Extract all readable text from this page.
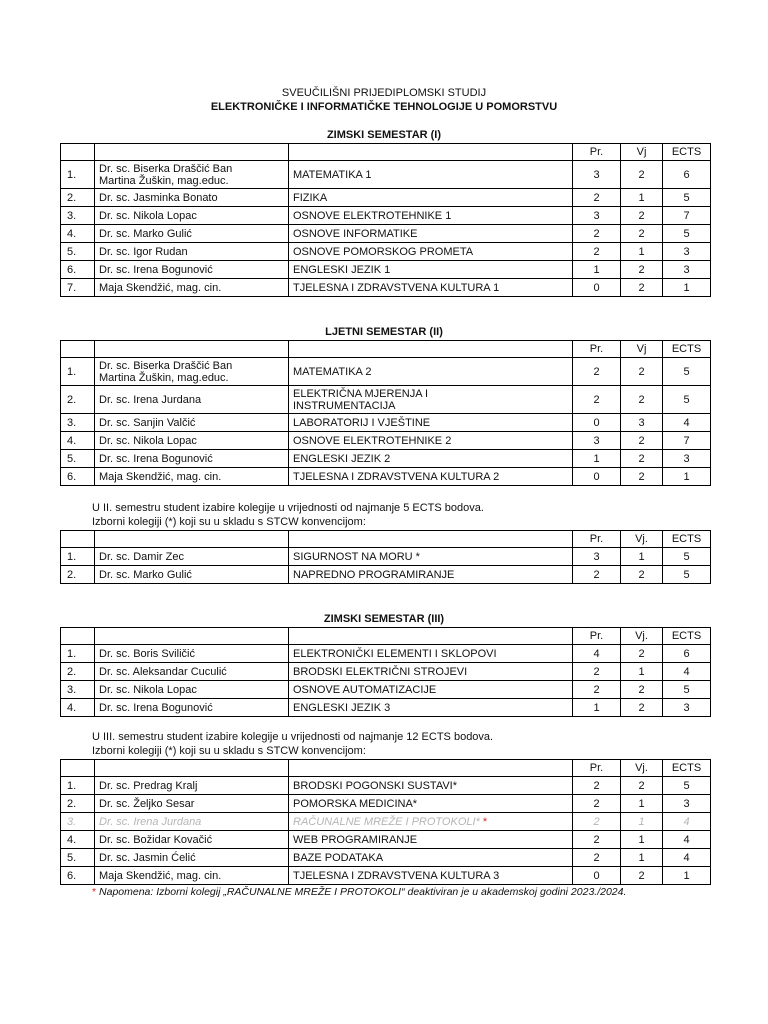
SVEUČILIŠNI PRIJEDIPLOMSKI STUDIJ
ELEKTRONIČKE I INFORMATIČKE TEHNOLOGIJE U POMORSTVU
ZIMSKI SEMESTAR (I)
			Pr.	Vj	ECTS
1.	Dr. sc. Biserka Draščić Ban
Martina Žuškin, mag.educ.	MATEMATIKA 1	3	2	6
2.	Dr. sc. Jasminka Bonato	FIZIKA	2	1	5
3.	Dr. sc. Nikola Lopac	OSNOVE ELEKTROTEHNIKE 1	3	2	7
4.	Dr. sc. Marko Gulić	OSNOVE INFORMATIKE	2	2	5
5.	Dr. sc. Igor Rudan	OSNOVE POMORSKOG PROMETA	2	1	3
6.	Dr. sc. Irena Bogunović	ENGLESKI JEZIK 1	1	2	3
7.	Maja Skendžić, mag. cin.	TJELESNA I ZDRAVSTVENA KULTURA 1	0	2	1
LJETNI SEMESTAR (II)
			Pr.	Vj	ECTS
1.	Dr. sc. Biserka Draščić Ban
Martina Žuškin, mag.educ.	MATEMATIKA 2	2	2	5
2.	Dr. sc. Irena Jurdana	ELEKTRIČNA MJERENJA I
INSTRUMENTACIJA	2	2	5
3.	Dr. sc. Sanjin Valčić	LABORATORIJ I VJEŠTINE	0	3	4
4.	Dr. sc. Nikola Lopac	OSNOVE ELEKTROTEHNIKE 2	3	2	7
5.	Dr. sc. Irena Bogunović	ENGLESKI JEZIK 2	1	2	3
6.	Maja Skendžić, mag. cin.	TJELESNA I ZDRAVSTVENA KULTURA 2	0	2	1
U II. semestru student izabire kolegije u vrijednosti od najmanje 5 ECTS bodova.
Izborni kolegiji (*) koji su u skladu s STCW konvencijom:
			Pr.	Vj.	ECTS
1.	Dr. sc. Damir Zec	SIGURNOST NA MORU *	3	1	5
2.	Dr. sc. Marko Gulić	NAPREDNO PROGRAMIRANJE	2	2	5
ZIMSKI SEMESTAR (III)
			Pr.	Vj.	ECTS
1.	Dr. sc. Boris Sviličić	ELEKTRONIČKI ELEMENTI I SKLOPOVI	4	2	6
2.	Dr. sc. Aleksandar Cuculić	BRODSKI ELEKTRIČNI STROJEVI	2	1	4
3.	Dr. sc. Nikola Lopac	OSNOVE AUTOMATIZACIJE	2	2	5
4.	Dr. sc. Irena Bogunović	ENGLESKI JEZIK 3	1	2	3
U III. semestru student izabire kolegije u vrijednosti od najmanje 12 ECTS bodova.
Izborni kolegiji (*) koji su u skladu s STCW konvencijom:
			Pr.	Vj.	ECTS
1.	Dr. sc. Predrag Kralj	BRODSKI POGONSKI SUSTAVI*	2	2	5
2.	Dr. sc. Željko Sesar	POMORSKA MEDICINA*	2	1	3
3.	Dr. sc. Irena Jurdana	RAČUNALNE MREŽE I PROTOKOLI* *	2	1	4
4.	Dr. sc. Božidar Kovačić	WEB PROGRAMIRANJE	2	1	4
5.	Dr. sc. Jasmin Ćelić	BAZE PODATAKA	2	1	4
6.	Maja Skendžić, mag. cin.	TJELESNA I ZDRAVSTVENA KULTURA 3	0	2	1
* Napomena: Izborni kolegij „RAČUNALNE MREŽE I PROTOKOLI“ deaktiviran je u akademskoj godini 2023./2024.
